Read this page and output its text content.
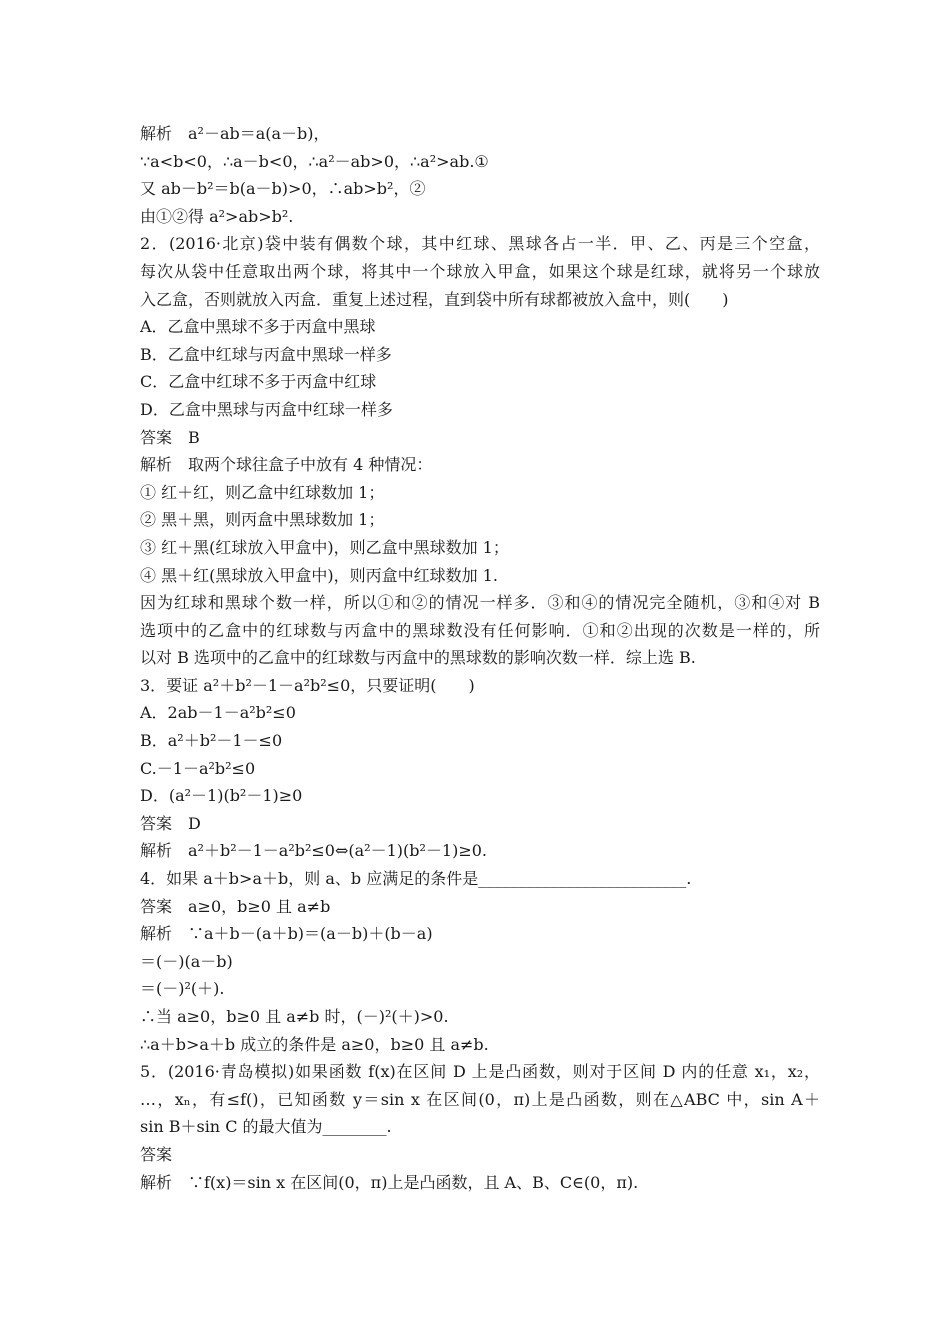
解析　a²－ab＝a(a－b)，
∵a<b<0，∴a－b<0，∴a²－ab>0，∴a²>ab.①
又 ab－b²＝b(a－b)>0，∴ab>b²，②
由①②得 a²>ab>b².
2．(2016·北京)袋中装有偶数个球，其中红球、黑球各占一半．甲、乙、丙是三个空盒，
每次从袋中任意取出两个球，将其中一个球放入甲盒，如果这个球是红球，就将另一个球放
入乙盒，否则就放入丙盒．重复上述过程，直到袋中所有球都被放入盒中，则(　　)
A．乙盒中黑球不多于丙盒中黑球
B．乙盒中红球与丙盒中黑球一样多
C．乙盒中红球不多于丙盒中红球
D．乙盒中黑球与丙盒中红球一样多
答案　B
解析　取两个球往盒子中放有 4 种情况：
① 红＋红，则乙盒中红球数加 1；
② 黑＋黑，则丙盒中黑球数加 1；
③ 红＋黑(红球放入甲盒中)，则乙盒中黑球数加 1；
④ 黑＋红(黑球放入甲盒中)，则丙盒中红球数加 1.
因为红球和黑球个数一样，所以①和②的情况一样多．③和④的情况完全随机，③和④对 B
选项中的乙盒中的红球数与丙盒中的黑球数没有任何影响．①和②出现的次数是一样的，所
以对 B 选项中的乙盒中的红球数与丙盒中的黑球数的影响次数一样．综上选 B.
3．要证 a²＋b²－1－a²b²≤0，只要证明(　　)
A．2ab－1－a²b²≤0
B．a²＋b²－1－≤0
C.－1－a²b²≤0
D．(a²－1)(b²－1)≥0
答案　D
解析　a²＋b²－1－a²b²≤0⇔(a²－1)(b²－1)≥0.
4．如果 a＋b>a＋b，则 a、b 应满足的条件是__________________________.
答案　a≥0，b≥0 且 a≠b
解析　∵a＋b－(a＋b)＝(a－b)＋(b－a)
＝(－)(a－b)
＝(－)²(＋).
∴当 a≥0，b≥0 且 a≠b 时，(－)²(＋)>0.
∴a＋b>a＋b 成立的条件是 a≥0，b≥0 且 a≠b.
5．(2016·青岛模拟)如果函数 f(x)在区间 D 上是凸函数，则对于区间 D 内的任意 x₁，x₂，
…，xₙ，有≤f()，已知函数 y＝sin x 在区间(0，π)上是凸函数，则在△ABC 中，sin A＋
sin B＋sin C 的最大值为________.
答案
解析　∵f(x)＝sin x 在区间(0，π)上是凸函数，且 A、B、C∈(0，π).
